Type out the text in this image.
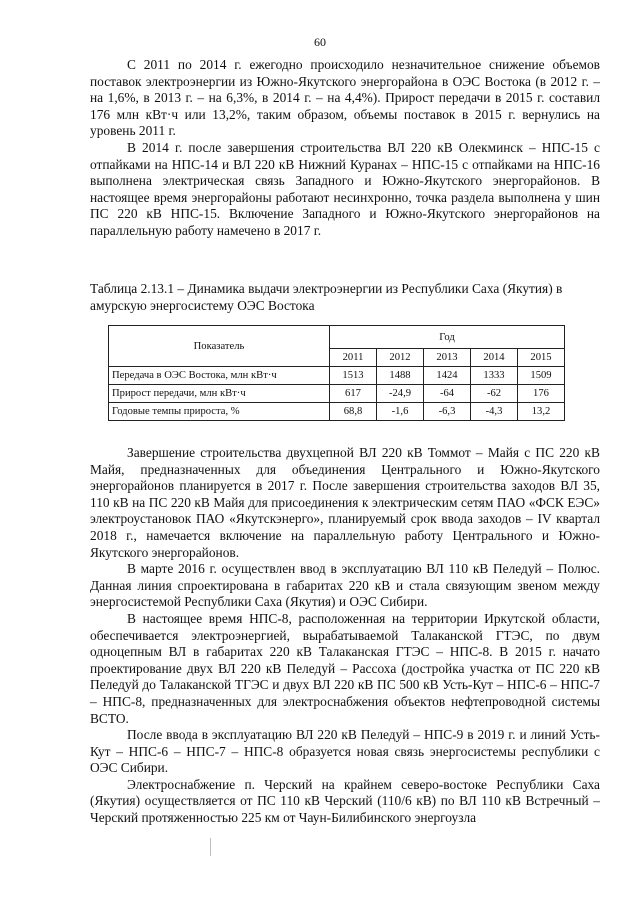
60

С 2011 по 2014 г. ежегодно происходило незначительное снижение объемов поставок электроэнергии из Южно-Якутского энергорайона в ОЭС Востока (в 2012 г. – на 1,6%, в 2013 г. – на 6,3%, в 2014 г. – на 4,4%). Прирост передачи в 2015 г. составил 176 млн кВт·ч или 13,2%, таким образом, объемы поставок в 2015 г. вернулись на уровень 2011 г.

В 2014 г. после завершения строительства ВЛ 220 кВ Олекминск – НПС-15 с отпайками на НПС-14 и ВЛ 220 кВ Нижний Куранах – НПС-15 с отпайками на НПС-16 выполнена электрическая связь Западного и Южно-Якутского энергорайонов. В настоящее время энергорайоны работают несинхронно, точка раздела выполнена у шин ПС 220 кВ НПС-15. Включение Западного и Южно-Якутского энергорайонов на параллельную работу намечено в 2017 г.

Таблица 2.13.1 – Динамика выдачи электроэнергии из Республики Саха (Якутия) в амурскую энергосистему ОЭС Востока

Показатель	Год				
	2011	2012	2013	2014	2015
Передача в ОЭС Востока, млн кВт·ч	1513	1488	1424	1333	1509
Прирост передачи, млн кВт·ч	617	-24,9	-64	-62	176
Годовые темпы прироста, %	68,8	-1,6	-6,3	-4,3	13,2

Завершение строительства двухцепной ВЛ 220 кВ Томмот – Майя с ПС 220 кВ Майя, предназначенных для объединения Центрального и Южно-Якутского энергорайонов планируется в 2017 г. После завершения строительства заходов ВЛ 35, 110 кВ на ПС 220 кВ Майя для присоединения к электрическим сетям ПАО «ФСК ЕЭС» электроустановок ПАО «Якутскэнерго», планируемый срок ввода заходов – IV квартал 2018 г., намечается включение на параллельную работу Центрального и Южно-Якутского энергорайонов.

В марте 2016 г. осуществлен ввод в эксплуатацию ВЛ 110 кВ Пеледуй – Полюс. Данная линия спроектирована в габаритах 220 кВ и стала связующим звеном между энергосистемой Республики Саха (Якутия) и ОЭС Сибири.

В настоящее время НПС-8, расположенная на территории Иркутской области, обеспечивается электроэнергией, вырабатываемой Талаканской ГТЭС, по двум одноцепным ВЛ в габаритах 220 кВ Талаканская ГТЭС – НПС-8. В 2015 г. начато проектирование двух ВЛ 220 кВ Пеледуй – Рассоха (достройка участка от ПС 220 кВ Пеледуй до Талаканской ТГЭС и двух ВЛ 220 кВ ПС 500 кВ Усть-Кут – НПС-6 – НПС-7 – НПС-8, предназначенных для электроснабжения объектов нефтепроводной системы ВСТО.

После ввода в эксплуатацию ВЛ 220 кВ Пеледуй – НПС-9 в 2019 г. и линий Усть-Кут – НПС-6 – НПС-7 – НПС-8 образуется новая связь энергосистемы республики с ОЭС Сибири.

Электроснабжение п. Черский на крайнем северо-востоке Республики Саха (Якутия) осуществляется от ПС 110 кВ Черский (110/6 кВ) по ВЛ 110 кВ Встречный – Черский протяженностью 225 км от Чаун-Билибинского энергоузла
